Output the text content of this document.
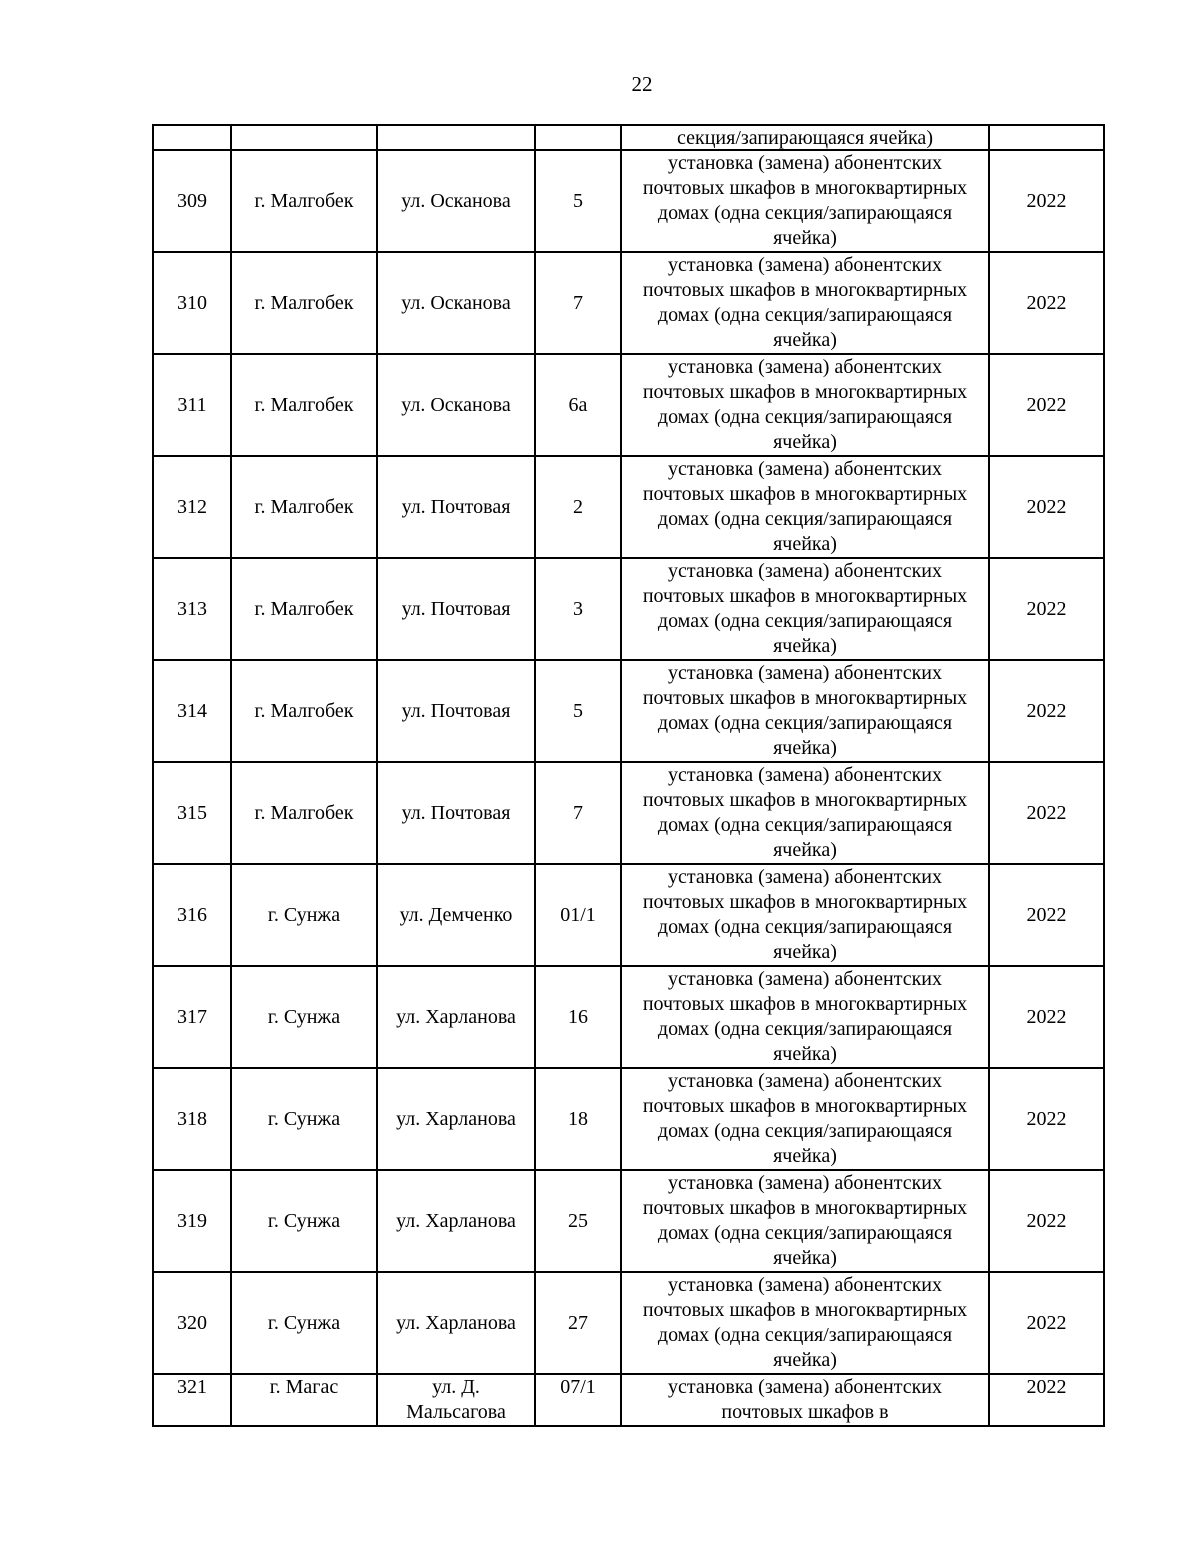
22
				секция/запирающаяся ячейка)	
309	г. Малгобек	ул. Осканова	5	установка (замена) абонентских почтовых шкафов в многоквартирных домах (одна секция/запирающаяся ячейка)	2022
310	г. Малгобек	ул. Осканова	7	установка (замена) абонентских почтовых шкафов в многоквартирных домах (одна секция/запирающаяся ячейка)	2022
311	г. Малгобек	ул. Осканова	6а	установка (замена) абонентских почтовых шкафов в многоквартирных домах (одна секция/запирающаяся ячейка)	2022
312	г. Малгобек	ул. Почтовая	2	установка (замена) абонентских почтовых шкафов в многоквартирных домах (одна секция/запирающаяся ячейка)	2022
313	г. Малгобек	ул. Почтовая	3	установка (замена) абонентских почтовых шкафов в многоквартирных домах (одна секция/запирающаяся ячейка)	2022
314	г. Малгобек	ул. Почтовая	5	установка (замена) абонентских почтовых шкафов в многоквартирных домах (одна секция/запирающаяся ячейка)	2022
315	г. Малгобек	ул. Почтовая	7	установка (замена) абонентских почтовых шкафов в многоквартирных домах (одна секция/запирающаяся ячейка)	2022
316	г. Сунжа	ул. Демченко	01/1	установка (замена) абонентских почтовых шкафов в многоквартирных домах (одна секция/запирающаяся ячейка)	2022
317	г. Сунжа	ул. Харланова	16	установка (замена) абонентских почтовых шкафов в многоквартирных домах (одна секция/запирающаяся ячейка)	2022
318	г. Сунжа	ул. Харланова	18	установка (замена) абонентских почтовых шкафов в многоквартирных домах (одна секция/запирающаяся ячейка)	2022
319	г. Сунжа	ул. Харланова	25	установка (замена) абонентских почтовых шкафов в многоквартирных домах (одна секция/запирающаяся ячейка)	2022
320	г. Сунжа	ул. Харланова	27	установка (замена) абонентских почтовых шкафов в многоквартирных домах (одна секция/запирающаяся ячейка)	2022
321	г. Магас	ул. Д. Мальсагова	07/1	установка (замена) абонентских почтовых шкафов в	2022
